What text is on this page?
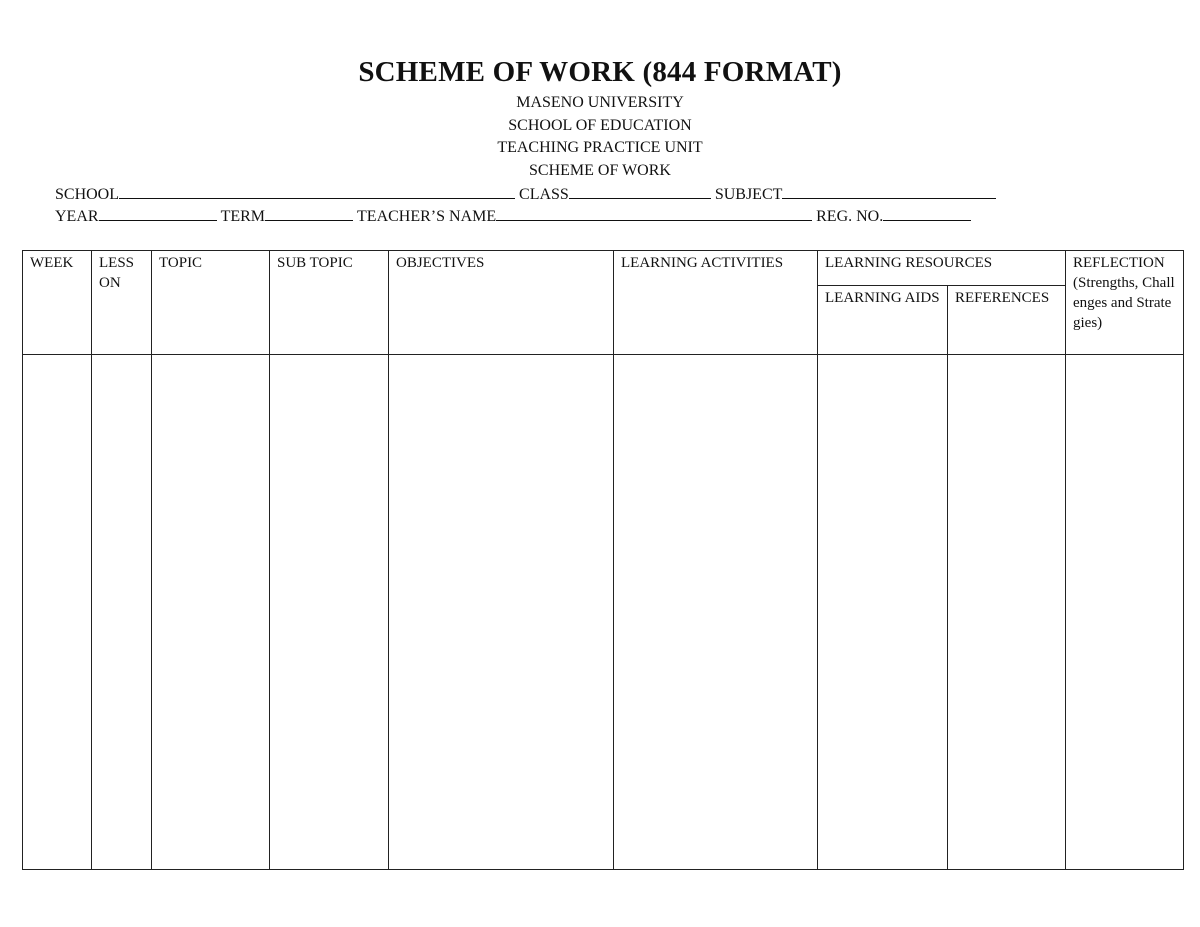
SCHEME OF WORK (844 FORMAT)
MASENO UNIVERSITY
SCHOOL OF EDUCATION
TEACHING PRACTICE UNIT
SCHEME OF WORK
SCHOOL	CLASS	SUBJECT
YEAR	TERM	TEACHER’S NAME	REG. NO.
WEEK	LESSON	TOPIC	SUB TOPIC	OBJECTIVES	LEARNING ACTIVITIES	LEARNING RESOURCES		REFLECTION (Strengths, Challenges and Strategies)
						LEARNING AIDS	REFERENCES	
